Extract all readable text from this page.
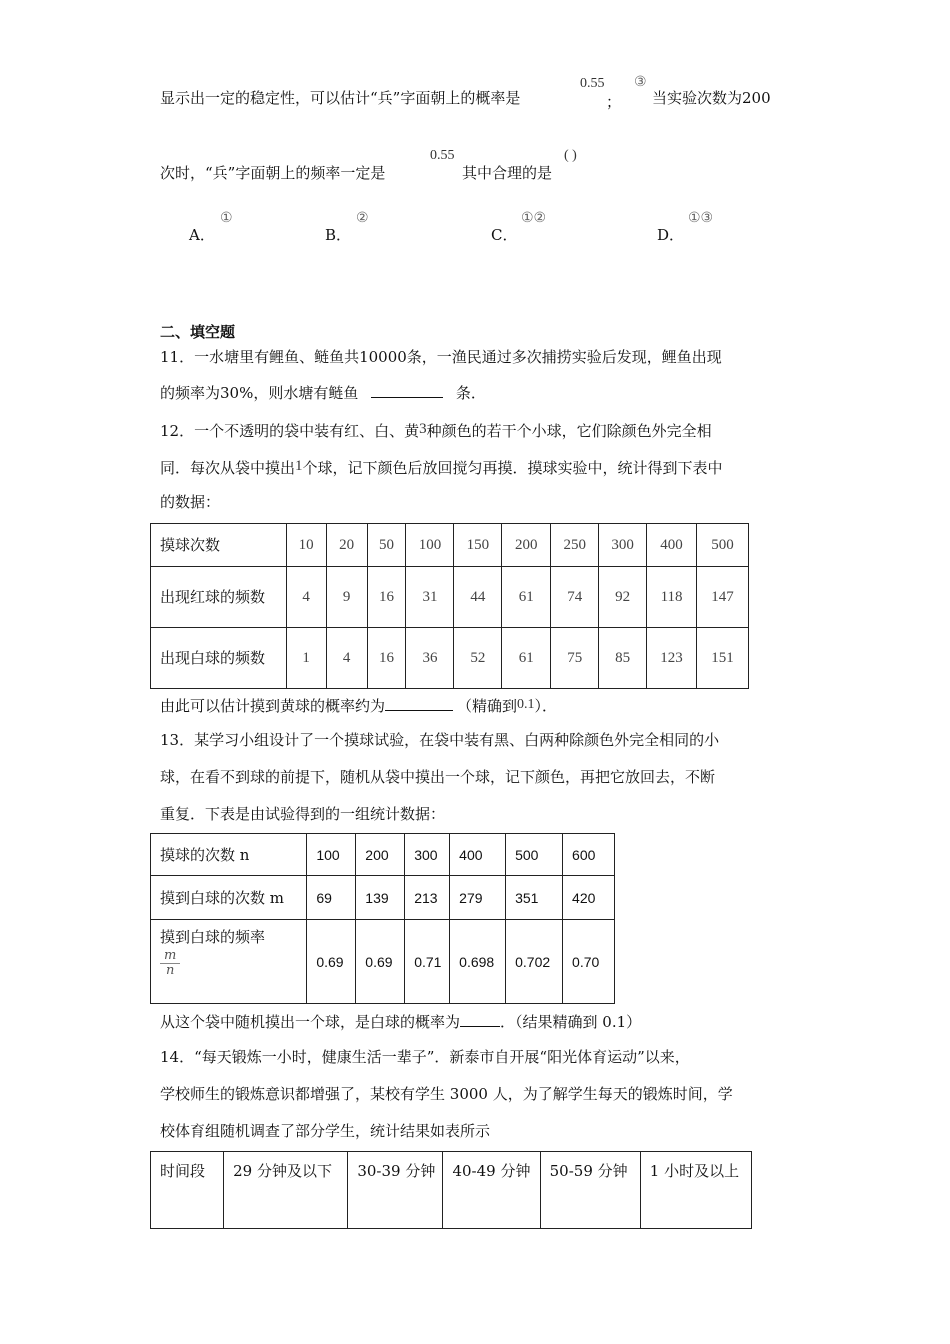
显示出一定的稳定性，可以估计“兵”字面朝上的概率是
0.55
；
③
当实验次数为200
次时，“兵”字面朝上的频率一定是
0.55
其中合理的是
( )
A．
①
B．
②
C．
①②
D．
①③
二、填空题
11．一水塘里有鲤鱼、鲢鱼共10000条，一渔民通过多次捕捞实验后发现，鲤鱼出现
的频率为30%，则水塘有鲢鱼	条．
12．一个不透明的袋中装有红、白、黄3种颜色的若干个小球，它们除颜色外完全相
同．每次从袋中摸出1个球，记下颜色后放回搅匀再摸．摸球实验中，统计得到下表中
的数据：
摸球次数	10	20	50	100	150	200	250	300	400	500
出现红球的频数	4	9	16	31	44	61	74	92	118	147
出现白球的频数	1	4	16	36	52	61	75	85	123	151
由此可以估计摸到黄球的概率约为	（精确到0.1）．
13．某学习小组设计了一个摸球试验，在袋中装有黑、白两种除颜色外完全相同的小
球，在看不到球的前提下，随机从袋中摸出一个球，记下颜色，再把它放回去，不断
重复．下表是由试验得到的一组统计数据：
摸球的次数 n	100	200	300	400	500	600
摸到白球的次数 m	69	139	213	279	351	420

摸到白球的频率
$\frac{m}{n}$	0.69	0.69	0.71	0.698	0.702	0.70
从这个袋中随机摸出一个球，是白球的概率为	．（结果精确到 0.1）
14．“每天锻炼一小时，健康生活一辈子”．新泰市自开展“阳光体育运动”以来，
学校师生的锻炼意识都增强了，某校有学生 3000 人，为了解学生每天的锻炼时间，学
校体育组随机调查了部分学生，统计结果如表所示
时间段	29 分钟及以下	30-39 分钟	40-49 分钟	50-59 分钟	1 小时及以上
